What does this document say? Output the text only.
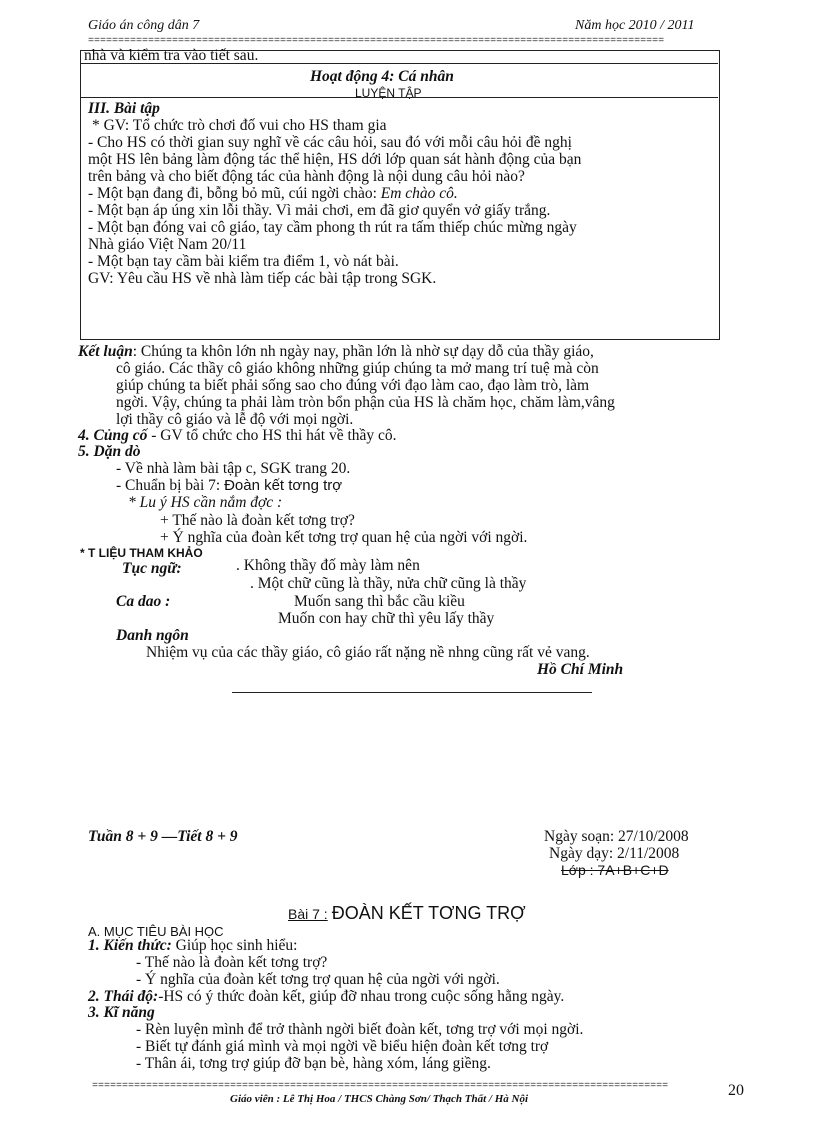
Giáo án công dân 7	Năm học 2010 / 2011
================================================================================================
nhà và kiểm tra vào tiết sau.
Hoạt động 4: Cá nhân
LUYỆN TẬP
III. Bài tập
* GV: Tổ chức trò chơi đố vui cho HS tham gia
- Cho HS có thời gian suy nghĩ về các câu hỏi, sau đó với mỗi câu hỏi đề nghị
một HS lên bảng làm động tác thể hiện, HS dới lớp quan sát hành động của bạn
trên bảng và cho biết động tác của hành động là nội dung câu hỏi nào?
- Một bạn đang đi, bỗng bỏ mũ, cúi ngời chào: Em chào cô.
- Một bạn áp úng xin lỗi thầy. Vì mải chơi, em đã giơ quyển vở giấy trắng.
- Một bạn đóng vai cô giáo, tay cầm phong th rút ra tấm thiếp chúc mừng ngày
Nhà giáo Việt Nam 20/11
- Một bạn tay cầm bài kiểm tra điểm 1, vò nát bài.
GV: Yêu cầu HS về nhà làm tiếp các bài tập trong SGK.
Kết luận: Chúng ta khôn lớn nh ngày nay, phần lớn là nhờ sự dạy dỗ của thầy giáo,
cô giáo. Các thầy cô giáo không những giúp chúng ta mở mang trí tuệ mà còn
giúp chúng ta biết phải sống sao cho đúng với đạo làm cao, đạo làm trò, làm
ngời. Vậy, chúng ta phải làm tròn bổn phận của HS là chăm học, chăm làm,vâng
lợi thầy cô giáo và lễ độ với mọi ngời.
4. Củng cố - GV tổ chức cho HS thi hát về thầy cô.
5. Dặn dò
- Về nhà làm bài tập c, SGK trang 20.
- Chuẩn bị bài 7: Đoàn kết tơng trợ
* Lu ý HS cần nắm đợc :
+ Thế nào là đoàn kết tơng trợ?
+ Ý nghĩa của đoàn kết tơng trợ quan hệ của ngời với ngời.
* T LIỆU THAM KHẢO
Tục ngữ:	. Không thầy đố mày làm nên
. Một chữ cũng là thầy, nửa chữ cũng là thầy
Ca dao :	Muốn sang thì bắc cầu kiều
Muốn con hay chữ thì yêu lấy thầy
Danh ngôn
Nhiệm vụ của các thầy giáo, cô giáo rất nặng nề nhng cũng rất vẻ vang.
Hồ Chí Minh
Tuần 8 + 9 —Tiết 8 + 9	Ngày soạn: 27/10/2008
Ngày dạy: 2/11/2008
Lớp : 7A+B+C+D
Bài 7 : ĐOÀN KẾT TƠNG TRỢ
A. MỤC TIÊU BÀI HỌC
1. Kiến thức: Giúp học sinh hiểu:
- Thế nào là đoàn kết tơng trợ?
- Ý nghĩa của đoàn kết tơng trợ quan hệ của ngời với ngời.
2. Thái độ:-HS có ý thức đoàn kết, giúp đỡ nhau trong cuộc sống hằng ngày.
3. Kĩ năng
- Rèn luyện mình để trở thành ngời biết đoàn kết, tơng trợ với mọi ngời.
- Biết tự đánh giá mình và mọi ngời về biểu hiện đoàn kết tơng trợ
- Thân ái, tơng trợ giúp đỡ bạn bè, hàng xóm, láng giềng.
================================================================================================
Giáo viên : Lê Thị Hoa / THCS Chàng Sơn/ Thạch Thất / Hà Nội	20
